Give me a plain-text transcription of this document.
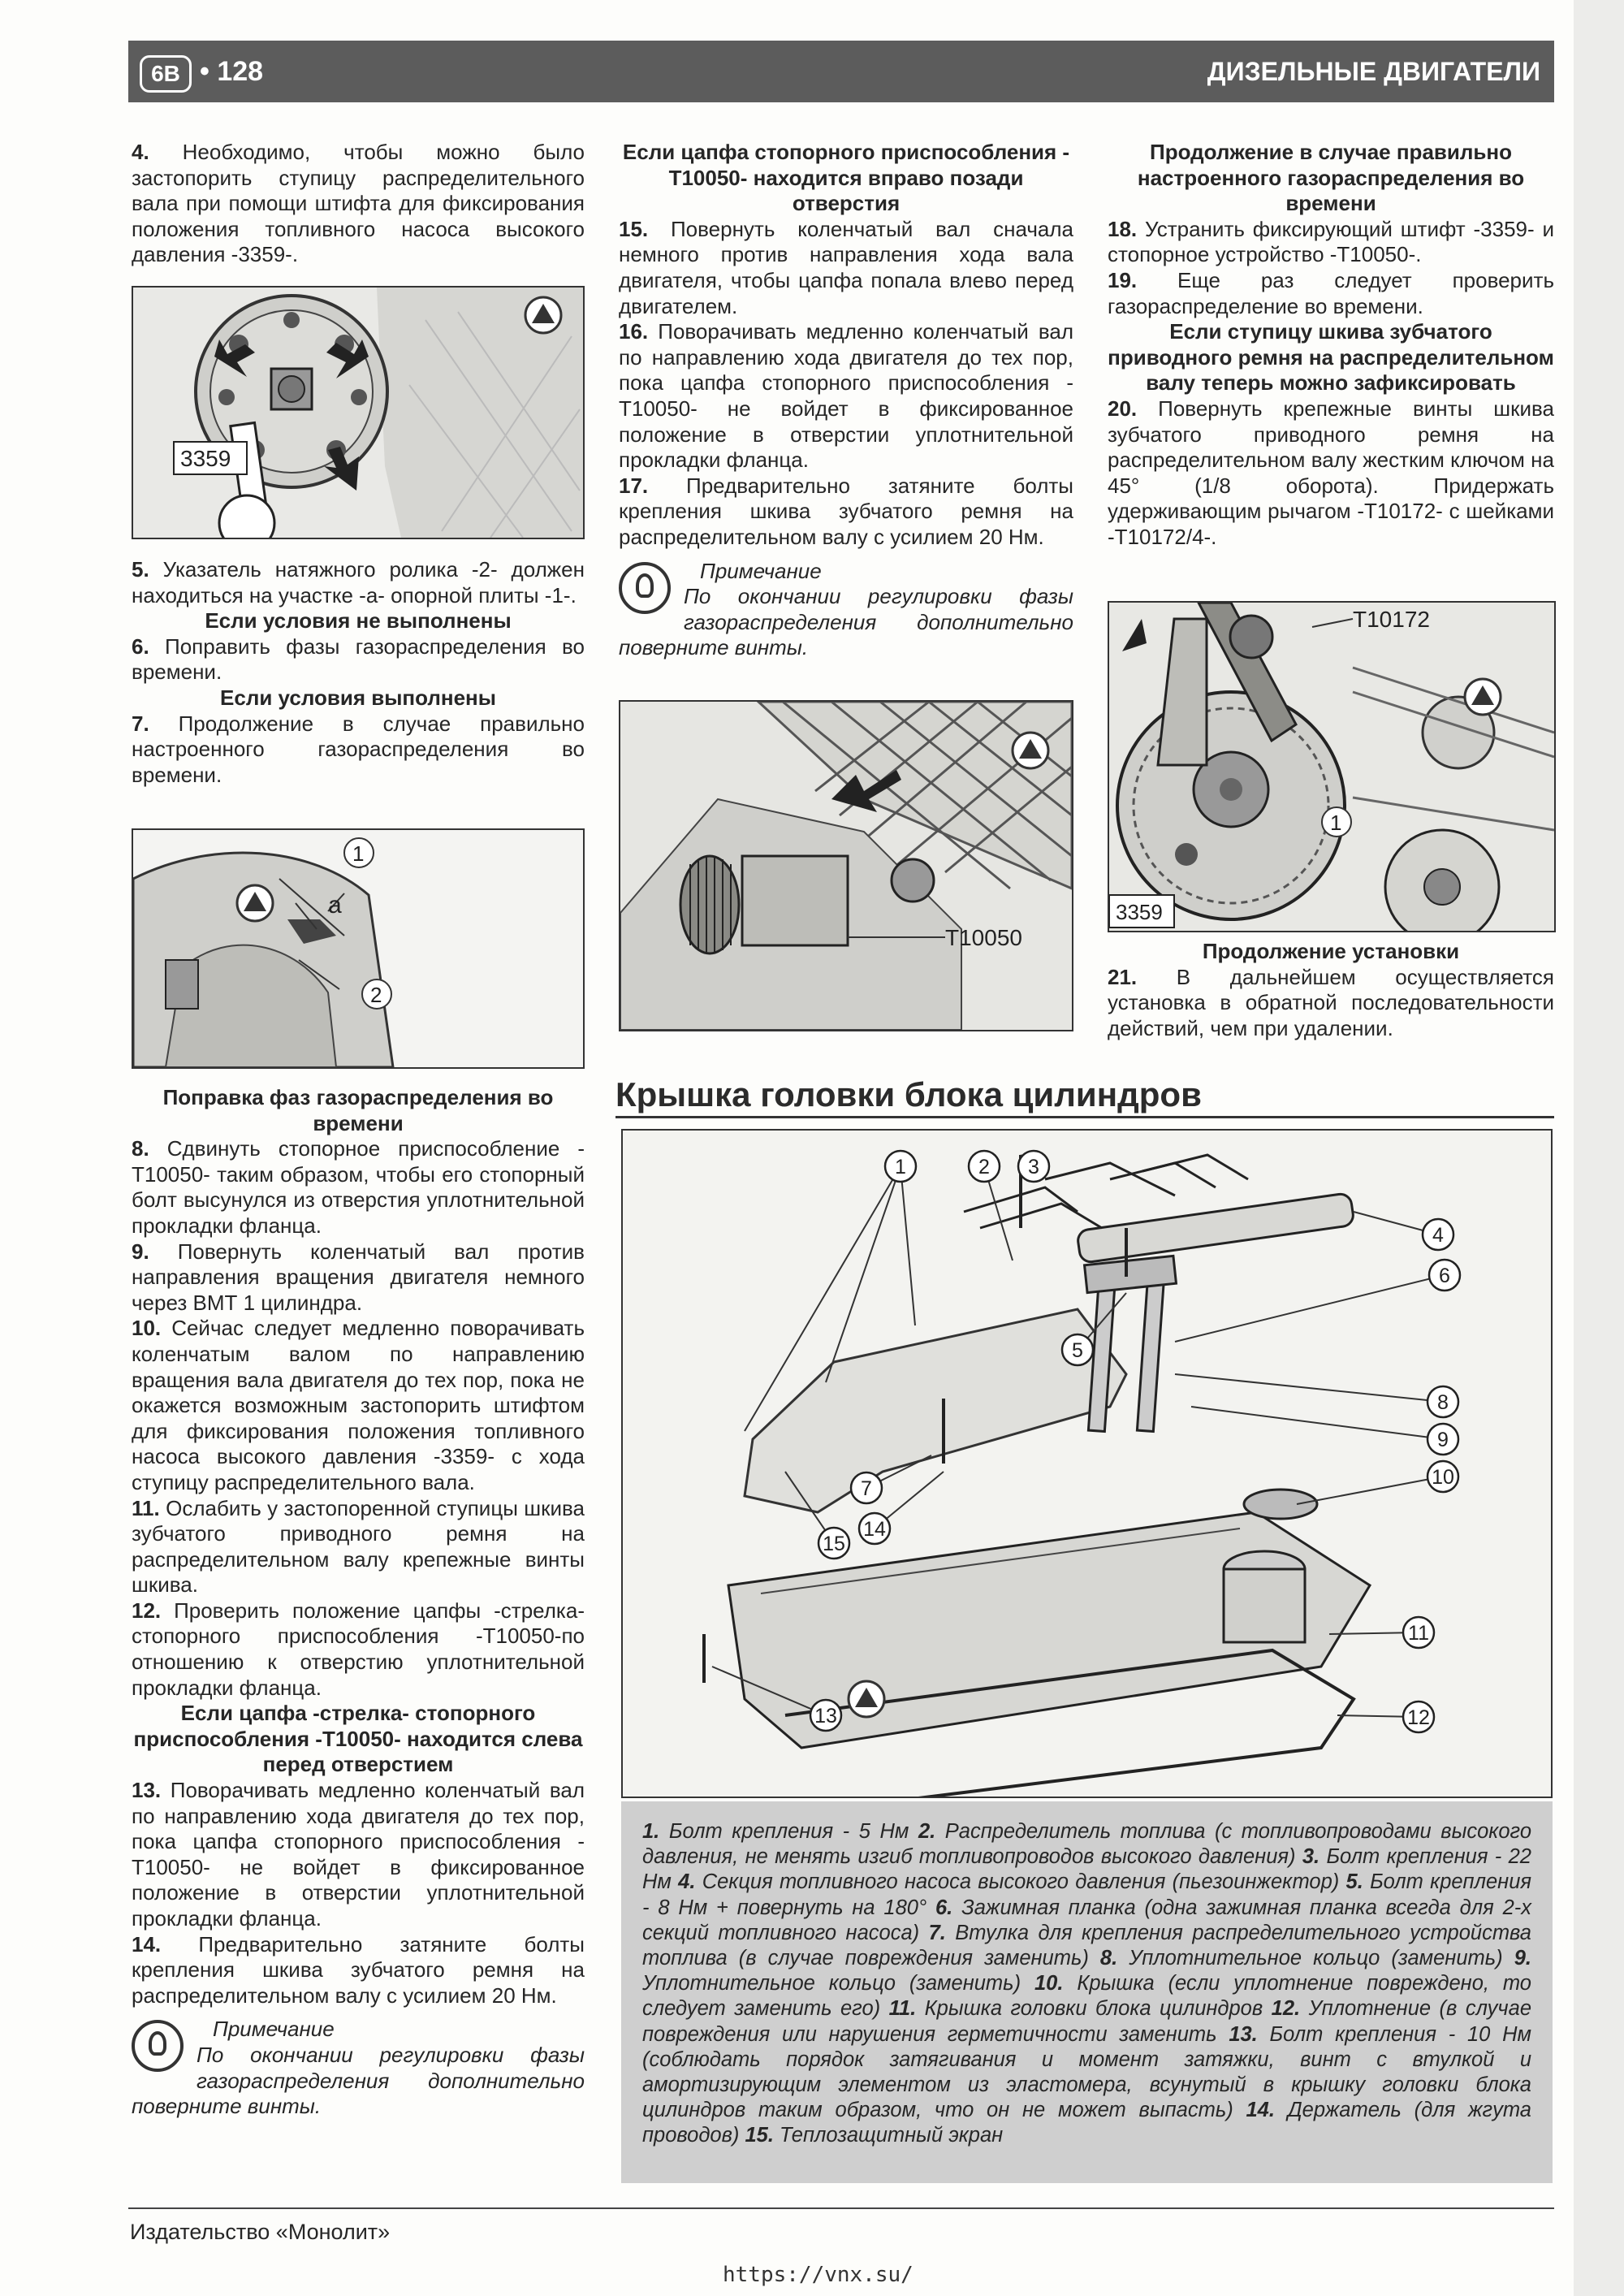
6B • 128	ДИЗЕЛЬНЫЕ ДВИГАТЕЛИ

4. Необходимо, чтобы можно было застопорить ступицу распределительного вала при помощи штифта для фиксирования положения топливного насоса высокого давления -3359-.

3359

5. Указатель натяжного ролика -2- должен находиться на участке -а- опорной плиты -1-.

Если условия не выполнены

6. Поправить фазы газораспределения во времени.

Если условия выполнены

7. Продолжение в случае правильно настроенного газораспределения во времени.

1
a
2

Поправка фаз газораспределения во времени

8. Сдвинуть стопорное приспособление -T10050- таким образом, чтобы его стопорный болт высунулся из отверстия уплотнительной прокладки фланца.

9. Повернуть коленчатый вал против направления вращения двигателя немного через ВМТ 1 цилиндра.

10. Сейчас следует медленно поворачивать коленчатым валом по направлению вращения вала двигателя до тех пор, пока не окажется возможным застопорить штифтом для фиксирования положения топливного насоса высокого давления -3359- с хода ступицу распределительного вала.

11. Ослабить у застопоренной ступицы шкива зубчатого приводного ремня на распределительном валу крепежные винты шкива.

12. Проверить положение цапфы -стрелка- стопорного приспособления -T10050-по отношению к отверстию уплотнительной прокладки фланца.

Если цапфа -стрелка- стопорного приспособления -T10050- находится слева перед отверстием

13. Поворачивать медленно коленчатый вал по направлению хода двигателя до тех пор, пока цапфа стопорного приспособления -T10050- не войдет в фиксированное положение в отверстии уплотнительной прокладки фланца.

14. Предварительно затяните болты крепления шкива зубчатого ремня на распределительном валу с усилием 20 Нм.

Примечание

По окончании регулировки фазы газораспределения дополнительно поверните винты.

Если цапфа стопорного приспособления -T10050- находится вправо позади отверстия

15. Повернуть коленчатый вал сначала немного против направления хода вала двигателя, чтобы цапфа попала влево перед двигателем.

16. Поворачивать медленно коленчатый вал по направлению хода двигателя до тех пор, пока цапфа стопорного приспособления -T10050- не войдет в фиксированное положение в отверстии уплотнительной прокладки фланца.

17. Предварительно затяните болты крепления шкива зубчатого ремня на распределительном валу с усилием 20 Нм.

Примечание

По окончании регулировки фазы газораспределения дополнительно поверните винты.

T10050

Продолжение в случае правильно настроенного газораспределения во времени

18. Устранить фиксирующий штифт -3359- и стопорное устройство -T10050-.

19. Еще раз следует проверить газораспределение во времени.

Если ступицу шкива зубчатого приводного ремня на распределительном валу теперь можно зафиксировать

20. Повернуть крепежные винты шкива зубчатого приводного ремня на распределительном валу жестким ключом на 45° (1/8 оборота). Придержать удерживающим рычагом -T10172- с шейками -T10172/4-.

T10172
1
3359

Продолжение установки

21. В дальнейшем осуществляется установка в обратной последовательности действий, чем при удалении.

Крышка головки блока цилиндров
1	2 3
4
5
6
7
8
9
10
11
12
13
14
15
1. Болт крепления - 5 Нм 2. Распределитель топлива (с топливопроводами высокого давления, не менять изгиб топливопроводов высокого давления) 3. Болт крепления - 22 Нм 4. Секция топливного насоса высокого давления (пьезоинжектор) 5. Болт крепления - 8 Нм + повернуть на 180° 6. Зажимная планка (одна зажимная планка всегда для 2-х секций топливного насоса) 7. Втулка для крепления распределительного устройства топлива (в случае повреждения заменить) 8. Уплотнительное кольцо (заменить) 9. Уплотнительное кольцо (заменить) 10. Крышка (если уплотнение повреждено, то следует заменить его) 11. Крышка головки блока цилиндров 12. Уплотнение (в случае повреждения или нарушения герметичности заменить 13. Болт крепления - 10 Нм (соблюдать порядок затягивания и момент затяжки, винт с втулкой и амортизирующим элементом из эластомера, всунутый в крышку головки блока цилиндров таким образом, что он не может выпасть) 14. Держатель (для жгута проводов) 15. Теплозащитный экран
Издательство «Монолит»
https://vnx.su/
